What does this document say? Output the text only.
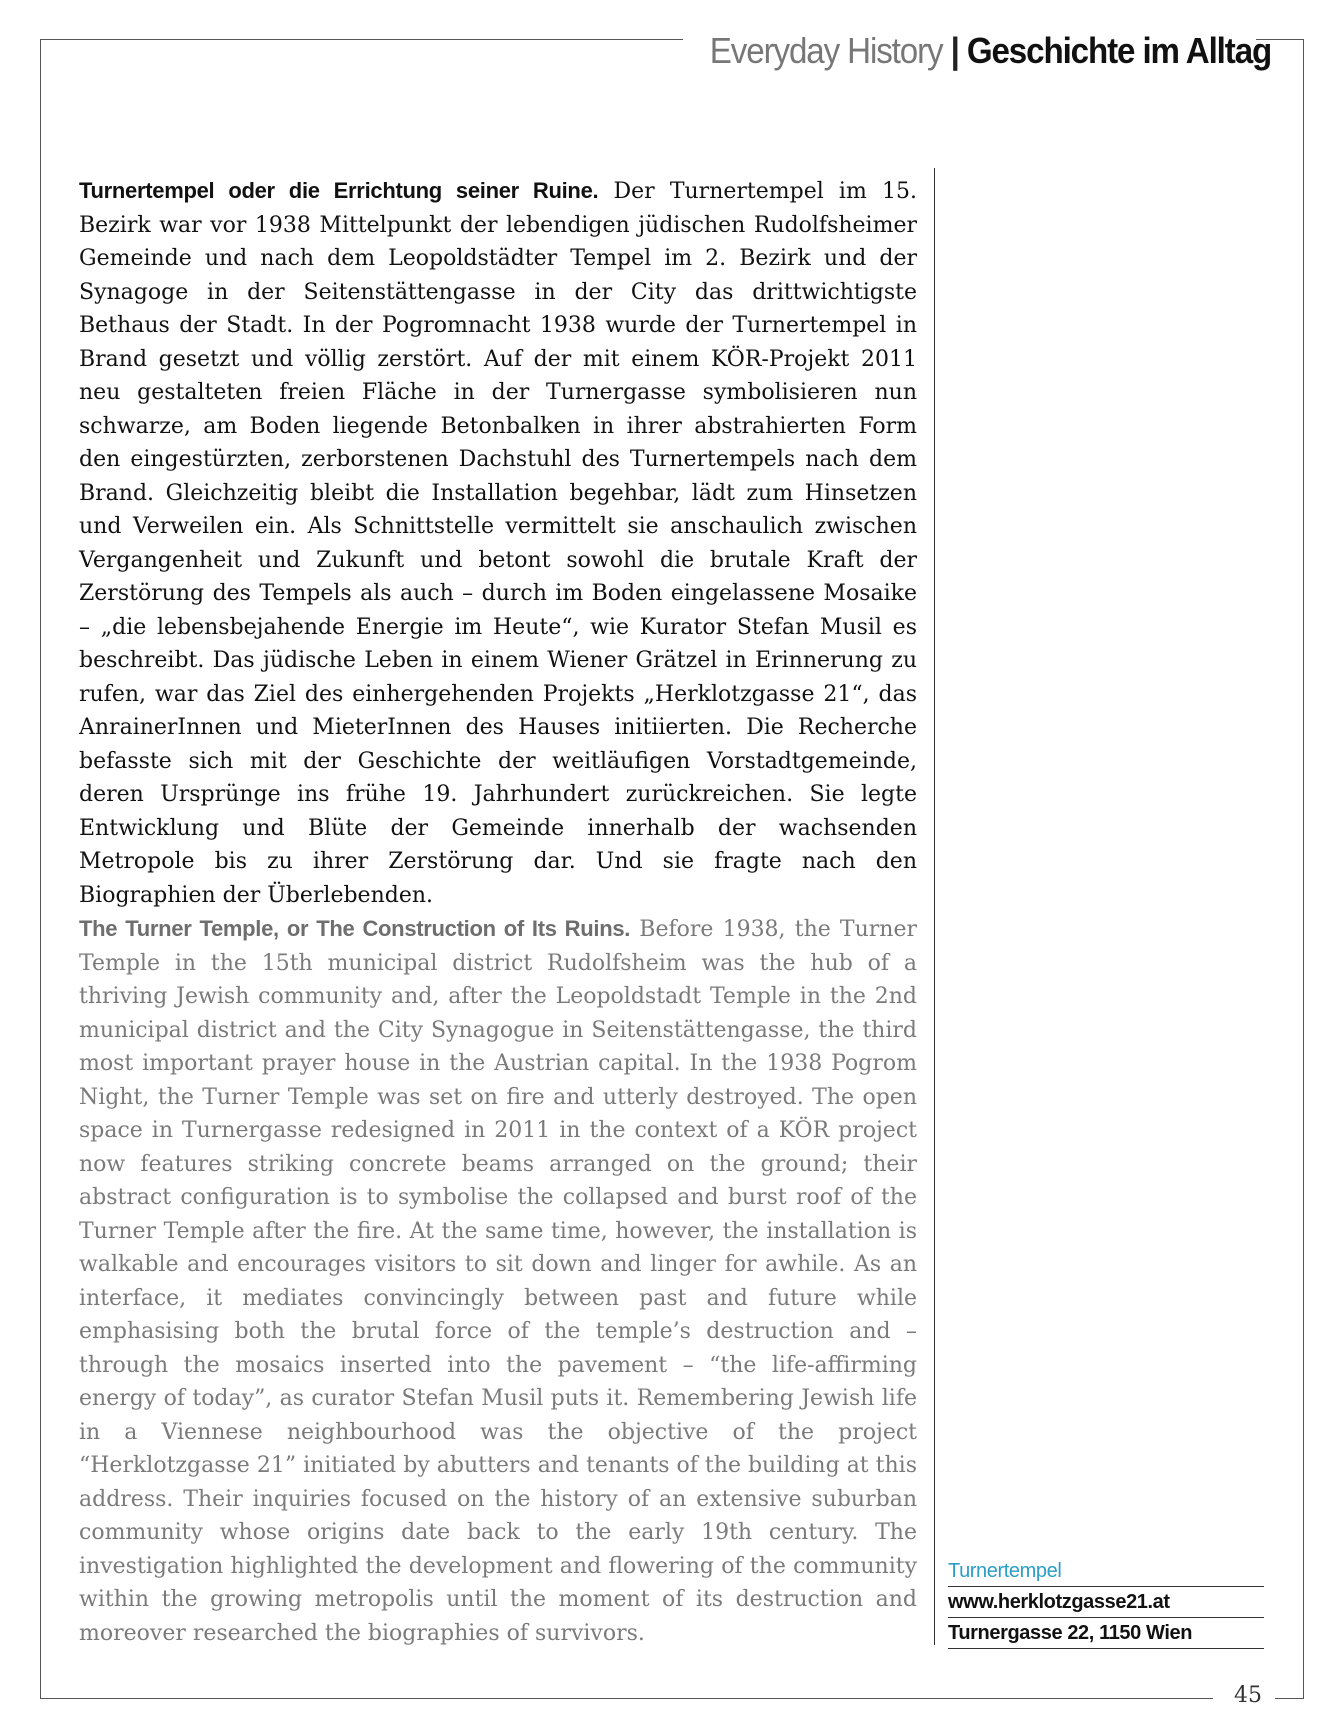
Everyday History | Geschichte im Alltag
Turnertempel oder die Errichtung seiner Ruine. Der Turnertempel im 15. Bezirk war vor 1938 Mittelpunkt der lebendigen jüdischen Rudolfsheimer Gemeinde und nach dem Leopoldstädter Tempel im 2. Bezirk und der Synagoge in der Seitenstättengasse in der City das drittwichtigste Bethaus der Stadt. In der Pogromnacht 1938 wurde der Turnertempel in Brand gesetzt und völlig zerstört. Auf der mit einem KÖR-Projekt 2011 neu gestalteten freien Fläche in der Turnergasse symbolisieren nun schwarze, am Boden liegende Betonbalken in ihrer abstrahierten Form den eingestürzten, zerborstenen Dachstuhl des Turnertempels nach dem Brand. Gleichzeitig bleibt die Installation begehbar, lädt zum Hinsetzen und Verweilen ein. Als Schnittstelle vermittelt sie anschaulich zwischen Vergangenheit und Zukunft und betont sowohl die brutale Kraft der Zerstörung des Tempels als auch – durch im Boden eingelassene Mosaike – „die lebensbejahende Energie im Heute“, wie Kurator Stefan Musil es beschreibt. Das jüdische Leben in einem Wiener Grätzel in Erinnerung zu rufen, war das Ziel des einhergehenden Projekts „Herklotzgasse 21“, das AnrainerInnen und MieterInnen des Hauses initiierten. Die Recherche befasste sich mit der Geschichte der weitläufigen Vorstadtgemeinde, deren Ursprünge ins frühe 19. Jahrhundert zurückreichen. Sie legte Entwicklung und Blüte der Gemeinde innerhalb der wachsenden Metropole bis zu ihrer Zerstörung dar. Und sie fragte nach den Biographien der Überlebenden.
The Turner Temple, or The Construction of Its Ruins. Before 1938, the Turner Temple in the 15th municipal district Rudolfsheim was the hub of a thriving Jewish community and, after the Leopoldstadt Temple in the 2nd municipal district and the City Synagogue in Seitenstättengasse, the third most important prayer house in the Austrian capital. In the 1938 Pogrom Night, the Turner Temple was set on fire and utterly destroyed. The open space in Turnergasse redesigned in 2011 in the context of a KÖR project now features striking concrete beams arranged on the ground; their abstract configuration is to symbolise the collapsed and burst roof of the Turner Temple after the fire. At the same time, however, the installation is walkable and encourages visitors to sit down and linger for awhile. As an interface, it mediates convincingly between past and future while emphasising both the brutal force of the temple’s destruction and – through the mosaics inserted into the pavement – “the life-affirming energy of today”, as curator Stefan Musil puts it. Remembering Jewish life in a Viennese neighbourhood was the objective of the project “Herklotzgasse 21” initiated by abutters and tenants of the building at this address. Their inquiries focused on the history of an extensive suburban community whose origins date back to the early 19th century. The investigation highlighted the development and flowering of the community within the growing metropolis until the moment of its destruction and moreover researched the biographies of survivors.
Turnertempel
www.herklotzgasse21.at
Turnergasse 22, 1150 Wien
45
